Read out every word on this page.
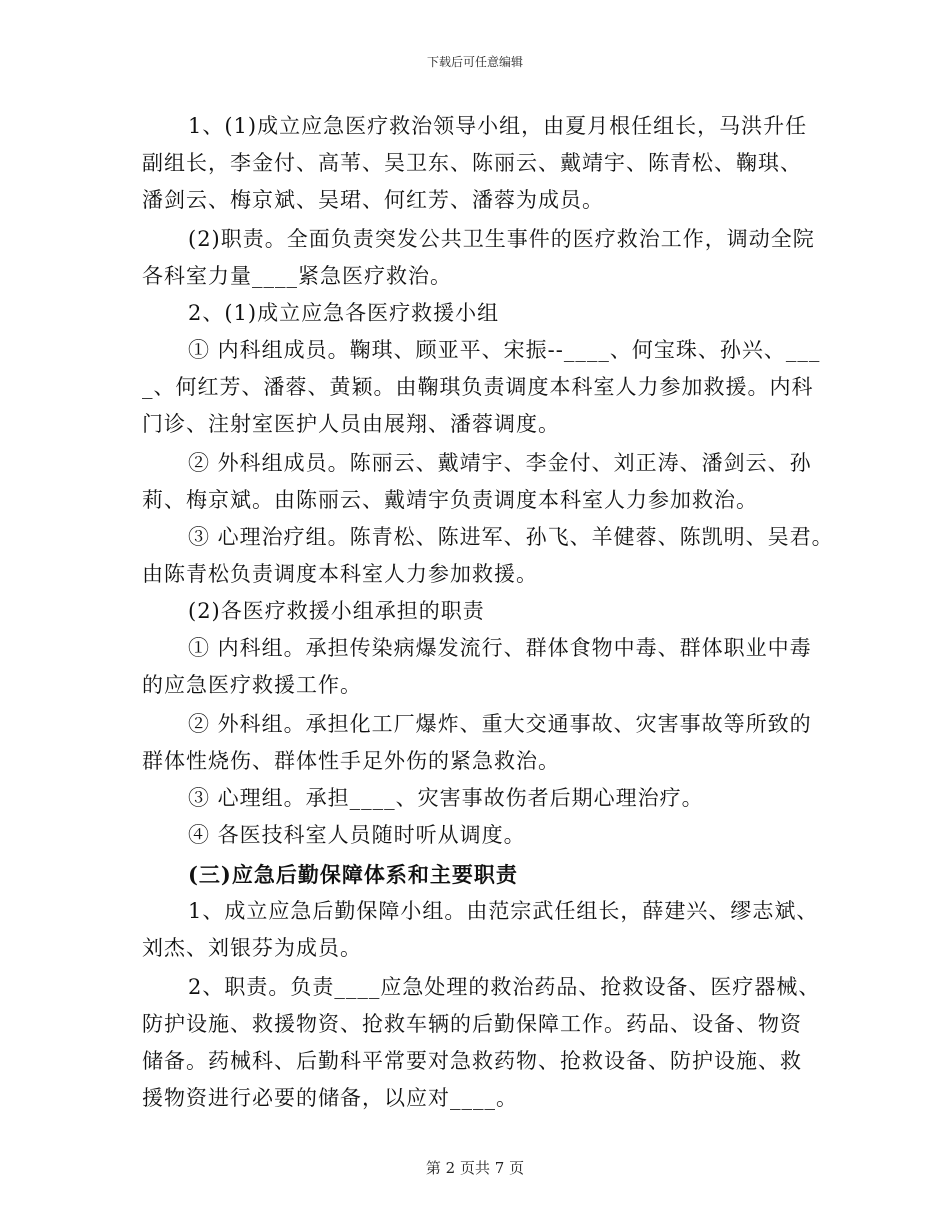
下载后可任意编辑
1、(1)成立应急医疗救治领导小组，由夏月根任组长，马洪升任
副组长，李金付、高苇、吴卫东、陈丽云、戴靖宇、陈青松、鞠琪、
潘剑云、梅京斌、吴珺、何红芳、潘蓉为成员。
(2)职责。全面负责突发公共卫生事件的医疗救治工作，调动全院
各科室力量____紧急医疗救治。
2、(1)成立应急各医疗救援小组
① 内科组成员。鞠琪、顾亚平、宋振--____、何宝珠、孙兴、___
_、何红芳、潘蓉、黄颖。由鞠琪负责调度本科室人力参加救援。内科
门诊、注射室医护人员由展翔、潘蓉调度。
② 外科组成员。陈丽云、戴靖宇、李金付、刘正涛、潘剑云、孙
莉、梅京斌。由陈丽云、戴靖宇负责调度本科室人力参加救治。
③ 心理治疗组。陈青松、陈进军、孙飞、羊健蓉、陈凯明、吴君。
由陈青松负责调度本科室人力参加救援。
(2)各医疗救援小组承担的职责
① 内科组。承担传染病爆发流行、群体食物中毒、群体职业中毒
的应急医疗救援工作。
② 外科组。承担化工厂爆炸、重大交通事故、灾害事故等所致的
群体性烧伤、群体性手足外伤的紧急救治。
③ 心理组。承担____、灾害事故伤者后期心理治疗。
④ 各医技科室人员随时听从调度。
(三)应急后勤保障体系和主要职责
1、成立应急后勤保障小组。由范宗武任组长，薛建兴、缪志斌、
刘杰、刘银芬为成员。
2、职责。负责____应急处理的救治药品、抢救设备、医疗器械、
防护设施、救援物资、抢救车辆的后勤保障工作。药品、设备、物资
储备。药械科、后勤科平常要对急救药物、抢救设备、防护设施、救
援物资进行必要的储备，以应对____。
第 2 页共 7 页
